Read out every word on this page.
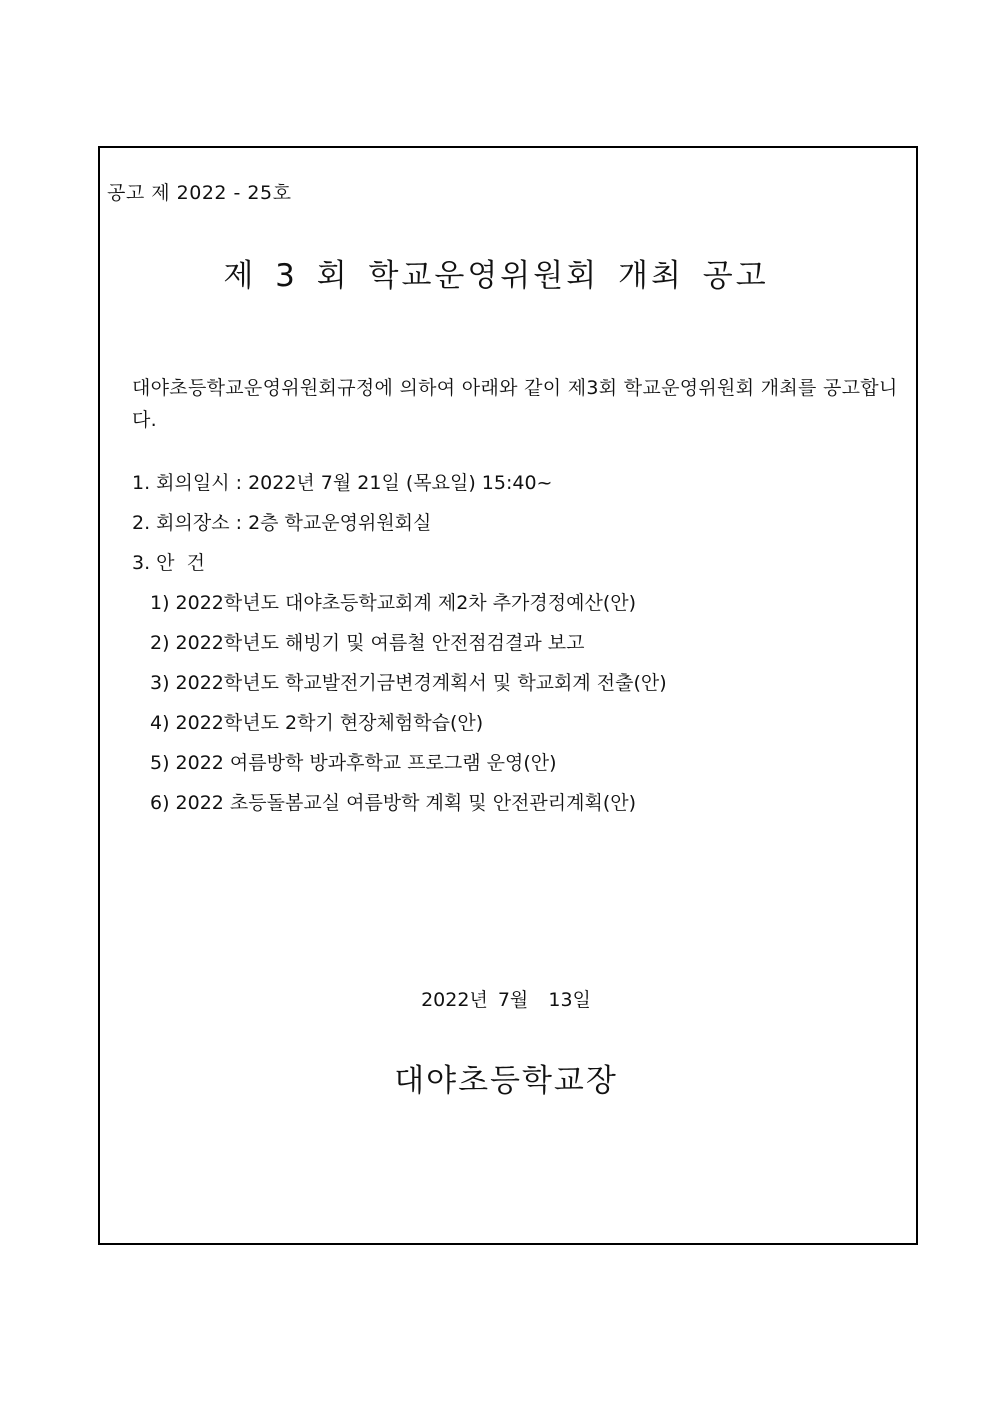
공고 제 2022 - 25호
제 3 회 학교운영위원회 개최 공고

대야초등학교운영위원회규정에 의하여 아래와 같이 제3회 학교운영위원회 개최를 공고합니다.

1. 회의일시 : 2022년 7월 21일 (목요일) 15:40~
2. 회의장소 : 2층 학교운영위원회실
3. 안  건
1) 2022학년도 대야초등학교회계 제2차 추가경정예산(안)
2) 2022학년도 해빙기 및 여름철 안전점검결과 보고
3) 2022학년도 학교발전기금변경계획서 및 학교회계 전출(안)
4) 2022학년도 2학기 현장체험학습(안)
5) 2022 여름방학 방과후학교 프로그램 운영(안)
6) 2022 초등돌봄교실 여름방학 계획 및 안전관리계획(안)
2022년 7월  13일
대야초등학교장
